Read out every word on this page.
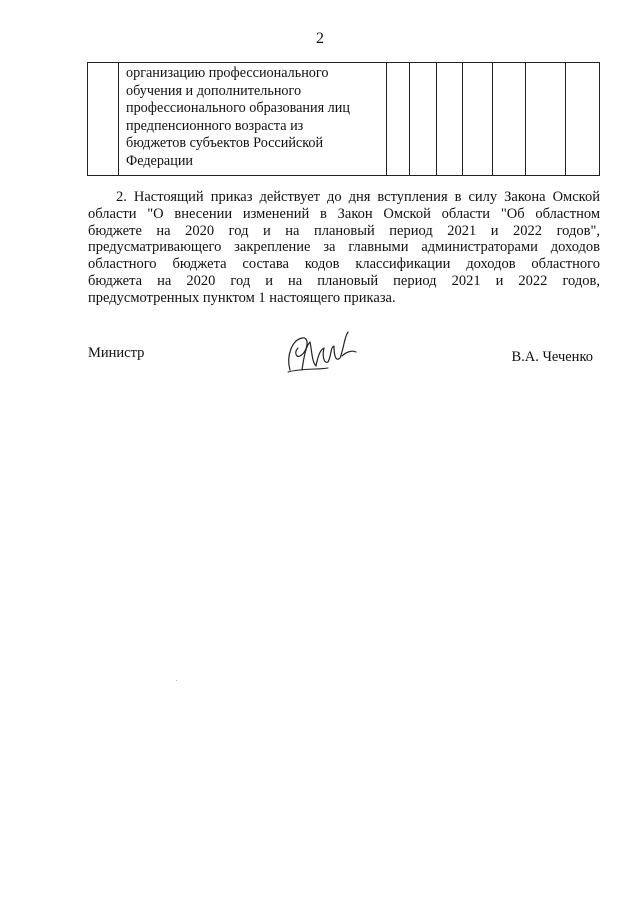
2
организацию профессионального
обучения и дополнительного
профессионального образования лиц
предпенсионного возраста из
бюджетов субъектов Российской
Федерации
2. Настоящий приказ действует до дня вступления в силу Закона Омской
области "О внесении изменений в Закон Омской области "Об областном
бюджете на 2020 год и на плановый период 2021 и 2022 годов",
предусматривающего закрепление за главными администраторами доходов
областного бюджета состава кодов классификации доходов областного
бюджета на 2020 год и на плановый период 2021 и 2022 годов,
предусмотренных пунктом 1 настоящего приказа.
Министр	В.А. Чеченко
